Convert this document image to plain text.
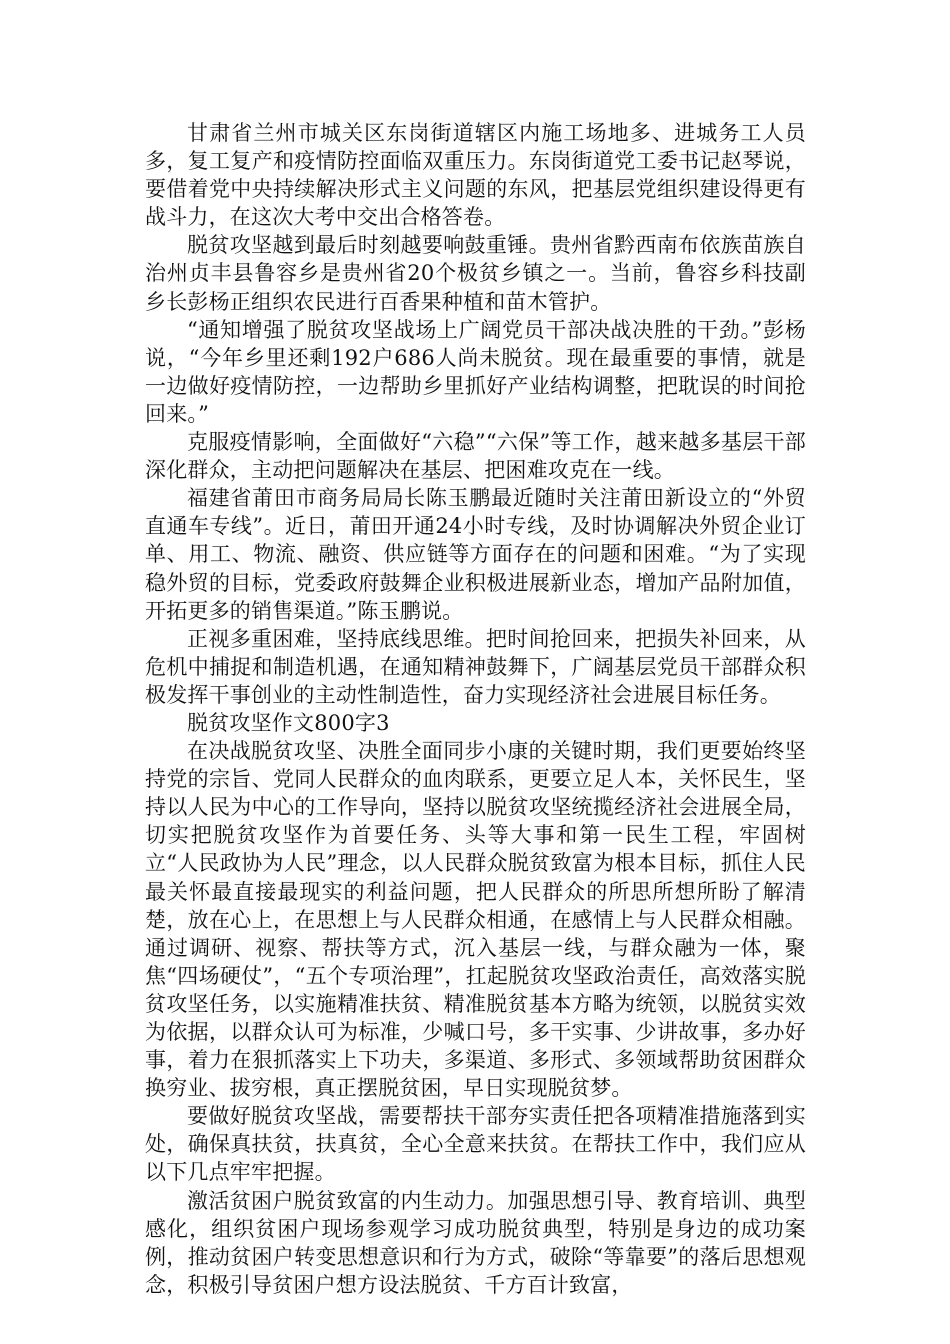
甘肃省兰州市城关区东岗街道辖区内施工场地多、进城务工人员多，复工复产和疫情防控面临双重压力。东岗街道党工委书记赵琴说，要借着党中央持续解决形式主义问题的东风，把基层党组织建设得更有战斗力，在这次大考中交出合格答卷。

脱贫攻坚越到最后时刻越要响鼓重锤。贵州省黔西南布依族苗族自治州贞丰县鲁容乡是贵州省20个极贫乡镇之一。当前，鲁容乡科技副乡长彭杨正组织农民进行百香果种植和苗木管护。

“通知增强了脱贫攻坚战场上广阔党员干部决战决胜的干劲。”彭杨说，“今年乡里还剩192户686人尚未脱贫。现在最重要的事情，就是一边做好疫情防控，一边帮助乡里抓好产业结构调整，把耽误的时间抢回来。”

克服疫情影响，全面做好“六稳”“六保”等工作，越来越多基层干部深化群众，主动把问题解决在基层、把困难攻克在一线。

福建省莆田市商务局局长陈玉鹏最近随时关注莆田新设立的“外贸直通车专线”。近日，莆田开通24小时专线，及时协调解决外贸企业订单、用工、物流、融资、供应链等方面存在的问题和困难。“为了实现稳外贸的目标，党委政府鼓舞企业积极进展新业态，增加产品附加值，开拓更多的销售渠道。”陈玉鹏说。

正视多重困难，坚持底线思维。把时间抢回来，把损失补回来，从危机中捕捉和制造机遇，在通知精神鼓舞下，广阔基层党员干部群众积极发挥干事创业的主动性制造性，奋力实现经济社会进展目标任务。

脱贫攻坚作文800字3

在决战脱贫攻坚、决胜全面同步小康的关键时期，我们更要始终坚持党的宗旨、党同人民群众的血肉联系，更要立足人本，关怀民生，坚持以人民为中心的工作导向，坚持以脱贫攻坚统揽经济社会进展全局，切实把脱贫攻坚作为首要任务、头等大事和第一民生工程，牢固树立“人民政协为人民”理念，以人民群众脱贫致富为根本目标，抓住人民最关怀最直接最现实的利益问题，把人民群众的所思所想所盼了解清楚，放在心上，在思想上与人民群众相通，在感情上与人民群众相融。通过调研、视察、帮扶等方式，沉入基层一线，与群众融为一体，聚焦“四场硬仗”，“五个专项治理”，扛起脱贫攻坚政治责任，高效落实脱贫攻坚任务，以实施精准扶贫、精准脱贫基本方略为统领，以脱贫实效为依据，以群众认可为标准，少喊口号，多干实事、少讲故事，多办好事，着力在狠抓落实上下功夫，多渠道、多形式、多领域帮助贫困群众换穷业、拔穷根，真正摆脱贫困，早日实现脱贫梦。

要做好脱贫攻坚战，需要帮扶干部夯实责任把各项精准措施落到实处，确保真扶贫，扶真贫，全心全意来扶贫。在帮扶工作中，我们应从以下几点牢牢把握。

激活贫困户脱贫致富的内生动力。加强思想引导、教育培训、典型感化，组织贫困户现场参观学习成功脱贫典型，特别是身边的成功案例，推动贫困户转变思想意识和行为方式，破除“等靠要”的落后思想观念，积极引导贫困户想方设法脱贫、千方百计致富，
